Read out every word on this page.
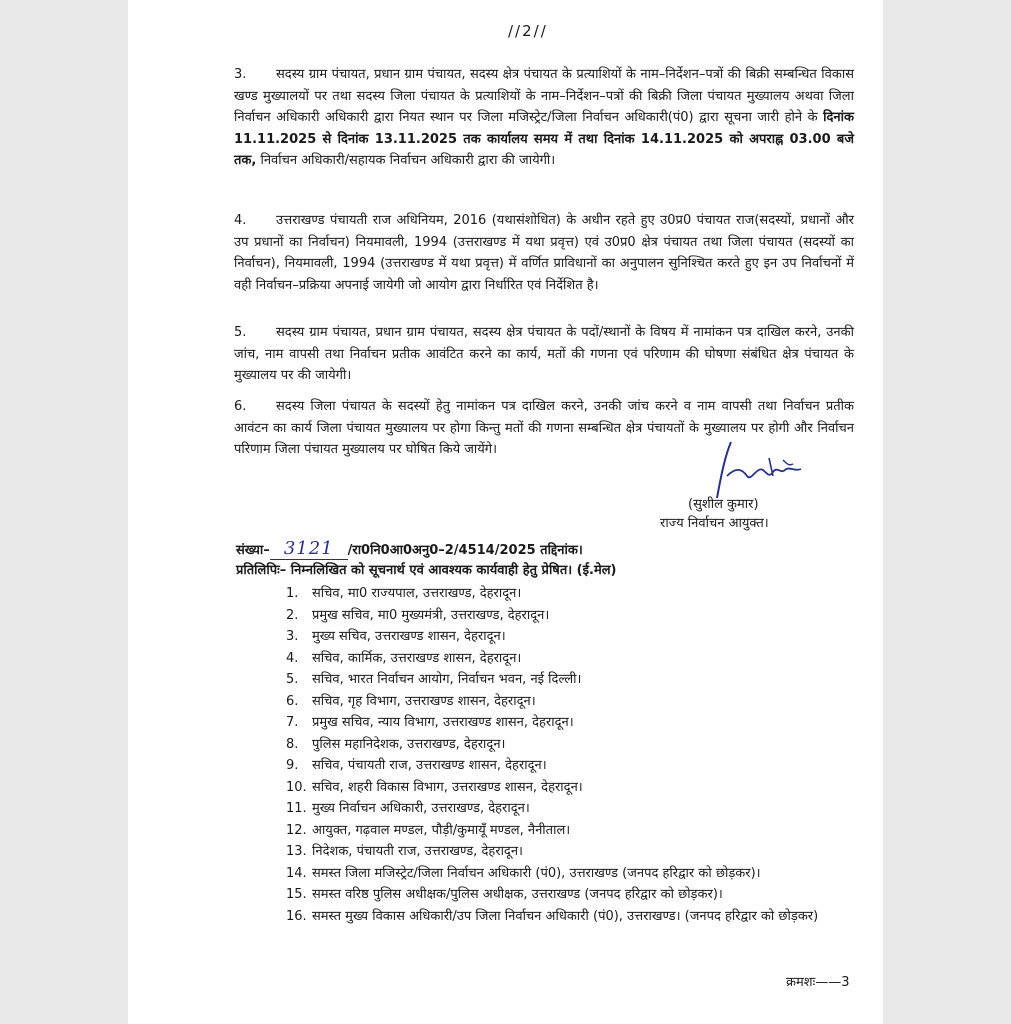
//2//
3. सदस्य ग्राम पंचायत, प्रधान ग्राम पंचायत, सदस्य क्षेत्र पंचायत के प्रत्याशियों के नाम–निर्देशन–पत्रों की बिक्री सम्बन्धित विकास खण्ड मुख्यालयों पर तथा सदस्य जिला पंचायत के प्रत्याशियों के नाम–निर्देशन–पत्रों की बिक्री जिला पंचायत मुख्यालय अथवा जिला निर्वाचन अधिकारी अधिकारी द्वारा नियत स्थान पर जिला मजिस्ट्रेट/जिला निर्वाचन अधिकारी(पं0) द्वारा सूचना जारी होने के दिनांक 11.11.2025 से दिनांक 13.11.2025 तक कार्यालय समय में तथा दिनांक 14.11.2025 को अपराह्न 03.00 बजे तक, निर्वाचन अधिकारी/सहायक निर्वाचन अधिकारी द्वारा की जायेगी।
4. उत्तराखण्ड पंचायती राज अधिनियम, 2016 (यथासंशोधित) के अधीन रहते हुए उ0प्र0 पंचायत राज(सदस्यों, प्रधानों और उप प्रधानों का निर्वाचन) नियमावली, 1994 (उत्तराखण्ड में यथा प्रवृत्त) एवं उ0प्र0 क्षेत्र पंचायत तथा जिला पंचायत (सदस्यों का निर्वाचन), नियमावली, 1994 (उत्तराखण्ड में यथा प्रवृत्त) में वर्णित प्राविधानों का अनुपालन सुनिश्चित करते हुए इन उप निर्वाचनों में वही निर्वाचन–प्रक्रिया अपनाई जायेगी जो आयोग द्वारा निर्धारित एवं निर्देशित है।
5. सदस्य ग्राम पंचायत, प्रधान ग्राम पंचायत, सदस्य क्षेत्र पंचायत के पदों/स्थानों के विषय में नामांकन पत्र दाखिल करने, उनकी जांच, नाम वापसी तथा निर्वाचन प्रतीक आवंटित करने का कार्य, मतों की गणना एवं परिणाम की घोषणा संबंधित क्षेत्र पंचायत के मुख्यालय पर की जायेगी।
6. सदस्य जिला पंचायत के सदस्यों हेतु नामांकन पत्र दाखिल करने, उनकी जांच करने व नाम वापसी तथा निर्वाचन प्रतीक आवंटन का कार्य जिला पंचायत मुख्यालय पर होगा किन्तु मतों की गणना सम्बन्धित क्षेत्र पंचायतों के मुख्यालय पर होगी और निर्वाचन परिणाम जिला पंचायत मुख्यालय पर घोषित किये जायेंगे।
(सुशील कुमार)
राज्य निर्वाचन आयुक्त।
संख्या– 3121 /रा0नि0आ0अनु0–2/4514/2025 तद्दिनांक।
प्रतिलिपिः– निम्नलिखित को सूचनार्थ एवं आवश्यक कार्यवाही हेतु प्रेषित। (ई.मेल)
1.	सचिव, मा0 राज्यपाल, उत्तराखण्ड, देहरादून।
2.	प्रमुख सचिव, मा0 मुख्यमंत्री, उत्तराखण्ड, देहरादून।
3.	मुख्य सचिव, उत्तराखण्ड शासन, देहरादून।
4.	सचिव, कार्मिक, उत्तराखण्ड शासन, देहरादून।
5.	सचिव, भारत निर्वाचन आयोग, निर्वाचन भवन, नई दिल्ली।
6.	सचिव, गृह विभाग, उत्तराखण्ड शासन, देहरादून।
7.	प्रमुख सचिव, न्याय विभाग, उत्तराखण्ड शासन, देहरादून।
8.	पुलिस महानिदेशक, उत्तराखण्ड, देहरादून।
9.	सचिव, पंचायती राज, उत्तराखण्ड शासन, देहरादून।
10. सचिव, शहरी विकास विभाग, उत्तराखण्ड शासन, देहरादून।
11. मुख्य निर्वाचन अधिकारी, उत्तराखण्ड, देहरादून।
12. आयुक्त, गढ़वाल मण्डल, पौड़ी/कुमायूँ मण्डल, नैनीताल।
13. निदेशक, पंचायती राज, उत्तराखण्ड, देहरादून।
14. समस्त जिला मजिस्ट्रेट/जिला निर्वाचन अधिकारी (पं0), उत्तराखण्ड (जनपद हरिद्वार को छोड़कर)।
15. समस्त वरिष्ठ पुलिस अधीक्षक/पुलिस अधीक्षक, उत्तराखण्ड (जनपद हरिद्वार को छोड़कर)।
16. समस्त मुख्य विकास अधिकारी/उप जिला निर्वाचन अधिकारी (पं0), उत्तराखण्ड। (जनपद हरिद्वार को छोड़कर)
क्रमशः——3
